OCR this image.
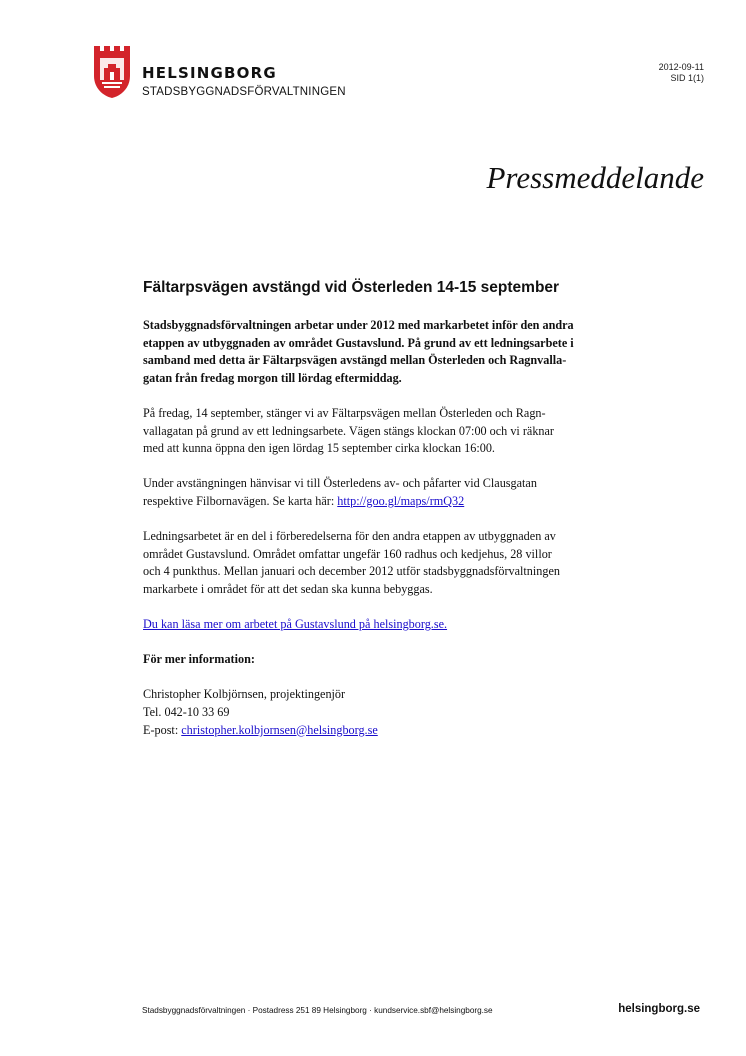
HELSINGBORG
STADSBYGGNADSFÖRVALTNINGEN
2012-09-11
SID 1(1)
Pressmeddelande
Fältarpsvägen avstängd vid Österleden 14-15 september
Stadsbyggnadsförvaltningen arbetar under 2012 med markarbetet inför den andra
etappen av utbyggnaden av området Gustavslund. På grund av ett ledningsarbete i
samband med detta är Fältarpsvägen avstängd mellan Österleden och Ragnvalla-
gatan från fredag morgon till lördag eftermiddag.
På fredag, 14 september, stänger vi av Fältarpsvägen mellan Österleden och Ragn-
vallagatan på grund av ett ledningsarbete. Vägen stängs klockan 07:00 och vi räknar
med att kunna öppna den igen lördag 15 september cirka klockan 16:00.
Under avstängningen hänvisar vi till Österledens av- och påfarter vid Clausgatan
respektive Filbornavägen. Se karta här: http://goo.gl/maps/rmQ32
Ledningsarbetet är en del i förberedelserna för den andra etappen av utbyggnaden av
området Gustavslund. Området omfattar ungefär 160 radhus och kedjehus, 28 villor
och 4 punkthus. Mellan januari och december 2012 utför stadsbyggnadsförvaltningen
markarbete i området för att det sedan ska kunna bebyggas.
Du kan läsa mer om arbetet på Gustavslund på helsingborg.se.
För mer information:
Christopher Kolbjörnsen, projektingenjör
Tel. 042-10 33 69
E-post: christopher.kolbjornsen@helsingborg.se
Stadsbyggnadsförvaltningen · Postadress 251 89 Helsingborg · kundservice.sbf@helsingborg.se	helsingborg.se
